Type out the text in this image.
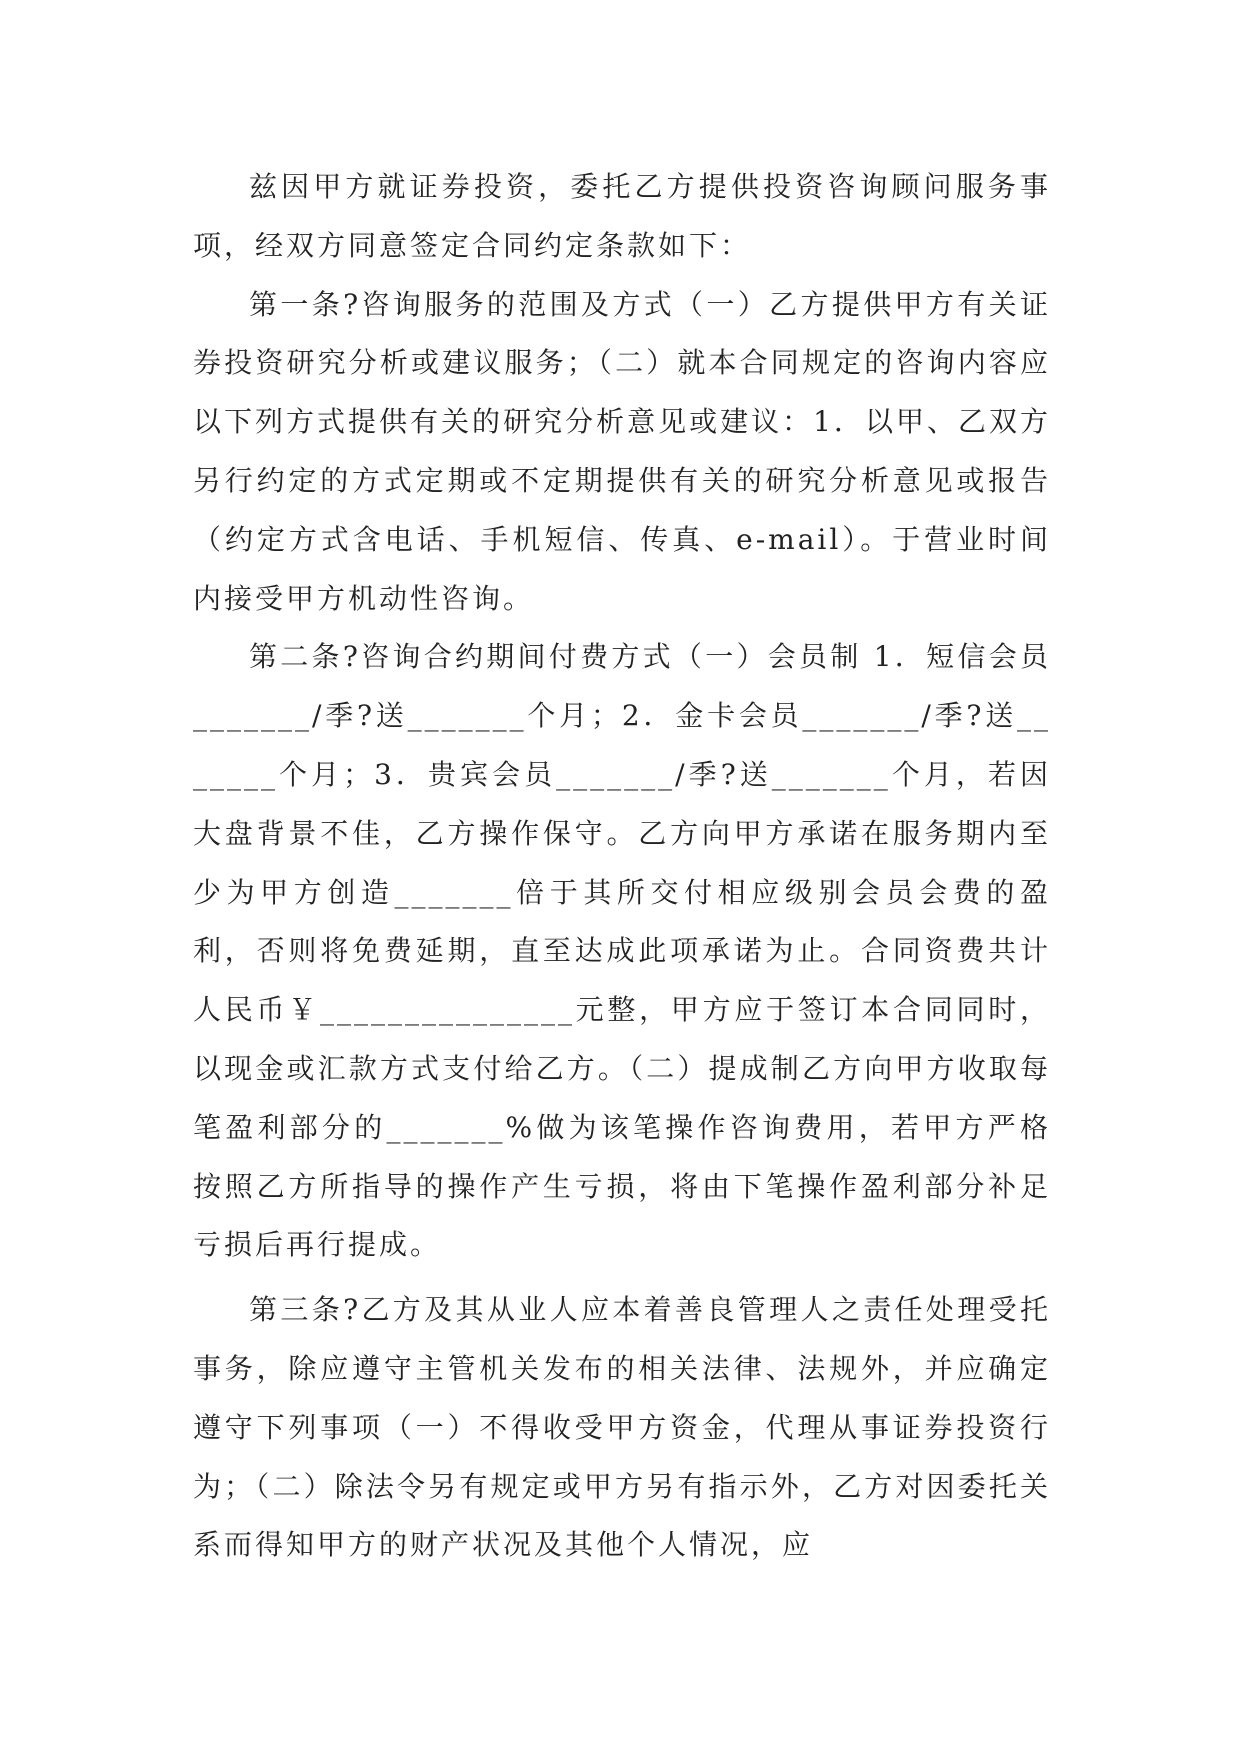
兹因甲方就证券投资，委托乙方提供投资咨询顾问服务事项，经双方同意签定合同约定条款如下：

第一条?咨询服务的范围及方式（一）乙方提供甲方有关证券投资研究分析或建议服务；（二）就本合同规定的咨询内容应以下列方式提供有关的研究分析意见或建议：1．以甲、乙双方另行约定的方式定期或不定期提供有关的研究分析意见或报告（约定方式含电话、手机短信、传真、e-mail）。于营业时间内接受甲方机动性咨询。

第二条?咨询合约期间付费方式（一）会员制 1．短信会员_______/季?送_______个月；2．金卡会员_______/季?送_______个月；3．贵宾会员_______/季?送_______个月，若因大盘背景不佳，乙方操作保守。乙方向甲方承诺在服务期内至少为甲方创造_______倍于其所交付相应级别会员会费的盈利，否则将免费延期，直至达成此项承诺为止。合同资费共计人民币￥_______________元整，甲方应于签订本合同同时，以现金或汇款方式支付给乙方。（二）提成制乙方向甲方收取每笔盈利部分的_______%做为该笔操作咨询费用，若甲方严格按照乙方所指导的操作产生亏损，将由下笔操作盈利部分补足亏损后再行提成。

第三条?乙方及其从业人应本着善良管理人之责任处理受托事务，除应遵守主管机关发布的相关法律、法规外，并应确定遵守下列事项（一）不得收受甲方资金，代理从事证券投资行为；（二）除法令另有规定或甲方另有指示外，乙方对因委托关系而得知甲方的财产状况及其他个人情况，应
